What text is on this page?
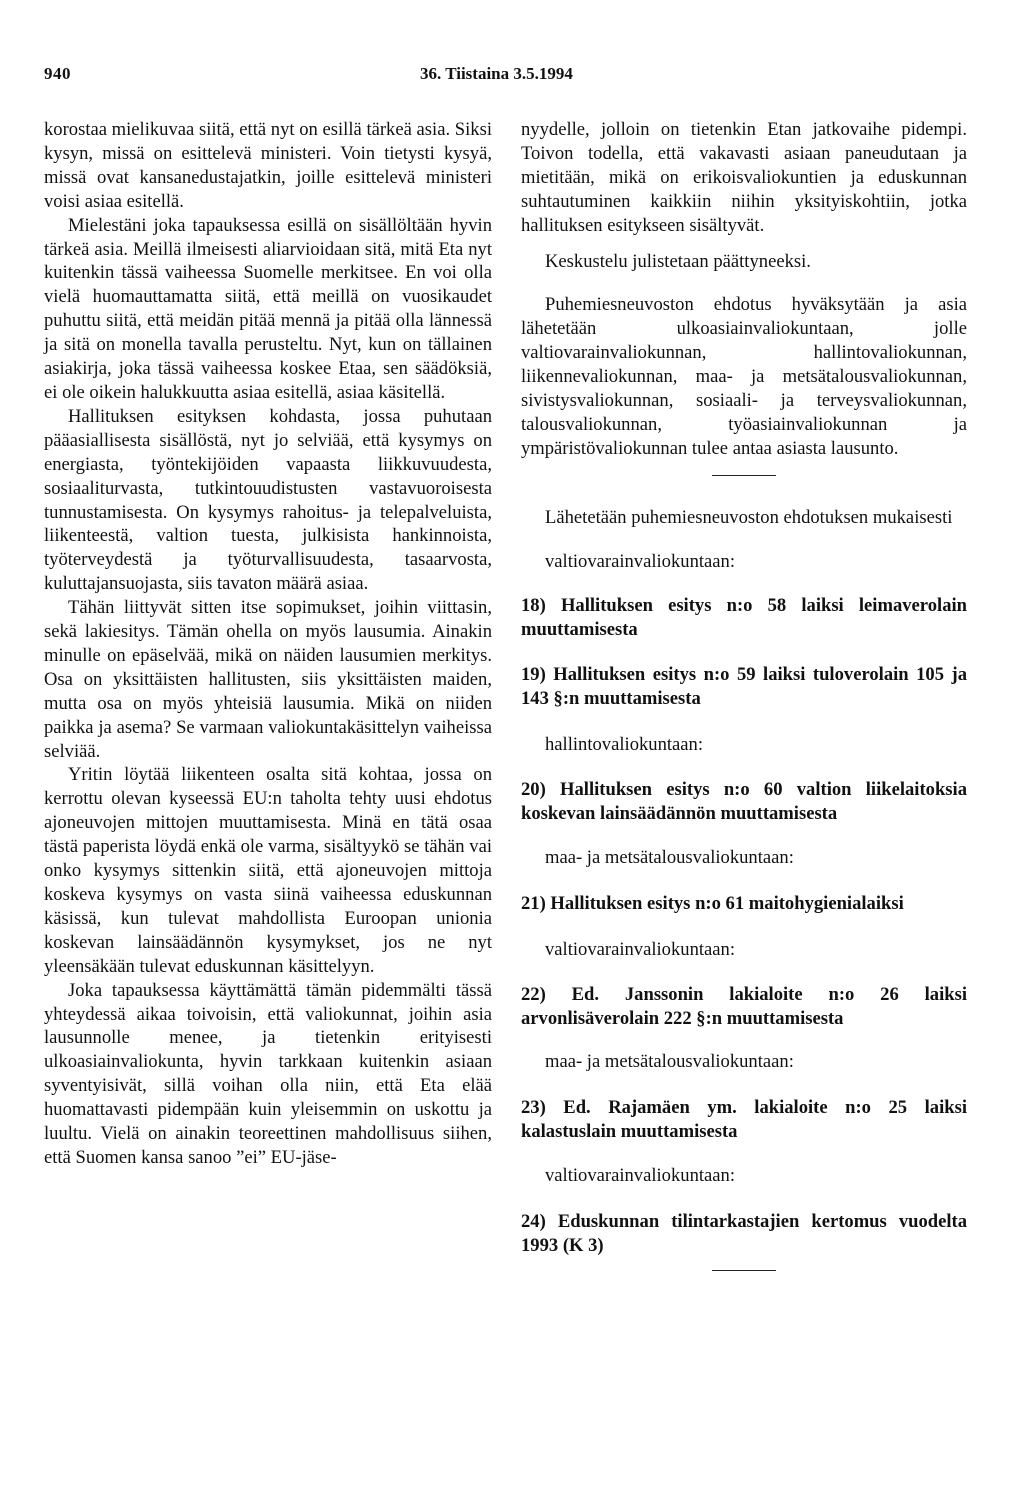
940	36. Tiistaina 3.5.1994

korostaa mielikuvaa siitä, että nyt on esillä tärkeä asia. Siksi kysyn, missä on esittelevä ministeri. Voin tietysti kysyä, missä ovat kansanedustajatkin, joille esittelevä ministeri voisi asiaa esitellä.

Mielestäni joka tapauksessa esillä on sisällöltään hyvin tärkeä asia. Meillä ilmeisesti aliarvioidaan sitä, mitä Eta nyt kuitenkin tässä vaiheessa Suomelle merkitsee. En voi olla vielä huomauttamatta siitä, että meillä on vuosikaudet puhuttu siitä, että meidän pitää mennä ja pitää olla lännessä ja sitä on monella tavalla perusteltu. Nyt, kun on tällainen asiakirja, joka tässä vaiheessa koskee Etaa, sen säädöksiä, ei ole oikein halukkuutta asiaa esitellä, asiaa käsitellä.

Hallituksen esityksen kohdasta, jossa puhutaan pääasiallisesta sisällöstä, nyt jo selviää, että kysymys on energiasta, työntekijöiden vapaasta liikkuvuudesta, sosiaaliturvasta, tutkintouudistusten vastavuoroisesta tunnustamisesta. On kysymys rahoitus- ja telepalveluista, liikenteestä, valtion tuesta, julkisista hankinnoista, työterveydestä ja työturvallisuudesta, tasaarvosta, kuluttajansuojasta, siis tavaton määrä asiaa.

Tähän liittyvät sitten itse sopimukset, joihin viittasin, sekä lakiesitys. Tämän ohella on myös lausumia. Ainakin minulle on epäselvää, mikä on näiden lausumien merkitys. Osa on yksittäisten hallitusten, siis yksittäisten maiden, mutta osa on myös yhteisiä lausumia. Mikä on niiden paikka ja asema? Se varmaan valiokuntakäsittelyn vaiheissa selviää.

Yritin löytää liikenteen osalta sitä kohtaa, jossa on kerrottu olevan kyseessä EU:n taholta tehty uusi ehdotus ajoneuvojen mittojen muuttamisesta. Minä en tätä osaa tästä paperista löydä enkä ole varma, sisältyykö se tähän vai onko kysymys sittenkin siitä, että ajoneuvojen mittoja koskeva kysymys on vasta siinä vaiheessa eduskunnan käsissä, kun tulevat mahdollista Euroopan unionia koskevan lainsäädännön kysymykset, jos ne nyt yleensäkään tulevat eduskunnan käsittelyyn.

Joka tapauksessa käyttämättä tämän pidemmälti tässä yhteydessä aikaa toivoisin, että valiokunnat, joihin asia lausunnolle menee, ja tietenkin erityisesti ulkoasiainvaliokunta, hyvin tarkkaan kuitenkin asiaan syventyisivät, sillä voihan olla niin, että Eta elää huomattavasti pidempään kuin yleisemmin on uskottu ja luultu. Vielä on ainakin teoreettinen mahdollisuus siihen, että Suomen kansa sanoo ”ei” EU-jäse-

nyydelle, jolloin on tietenkin Etan jatkovaihe pidempi. Toivon todella, että vakavasti asiaan paneudutaan ja mietitään, mikä on erikoisvaliokuntien ja eduskunnan suhtautuminen kaikkiin niihin yksityiskohtiin, jotka hallituksen esitykseen sisältyvät.

Keskustelu julistetaan päättyneeksi.

Puhemiesneuvoston ehdotus hyväksytään ja asia lähetetään ulkoasiainvaliokuntaan, jolle valtiovarainvaliokunnan, hallintovaliokunnan, liikennevaliokunnan, maa- ja metsätalousvaliokunnan, sivistysvaliokunnan, sosiaali- ja terveysvaliokunnan, talousvaliokunnan, työasiainvaliokunnan ja ympäristövaliokunnan tulee antaa asiasta lausunto.

Lähetetään puhemiesneuvoston ehdotuksen mukaisesti

valtiovarainvaliokuntaan:

18) Hallituksen esitys n:o 58 laiksi leimaverolain muuttamisesta

19) Hallituksen esitys n:o 59 laiksi tuloverolain 105 ja 143 §:n muuttamisesta

hallintovaliokuntaan:

20) Hallituksen esitys n:o 60 valtion liikelaitoksia koskevan lainsäädännön muuttamisesta

maa- ja metsätalousvaliokuntaan:

21) Hallituksen esitys n:o 61 maitohygienialaiksi

valtiovarainvaliokuntaan:

22) Ed. Janssonin lakialoite n:o 26 laiksi arvonlisäverolain 222 §:n muuttamisesta

maa- ja metsätalousvaliokuntaan:

23) Ed. Rajamäen ym. lakialoite n:o 25 laiksi kalastuslain muuttamisesta

valtiovarainvaliokuntaan:

24) Eduskunnan tilintarkastajien kertomus vuodelta 1993 (K 3)
